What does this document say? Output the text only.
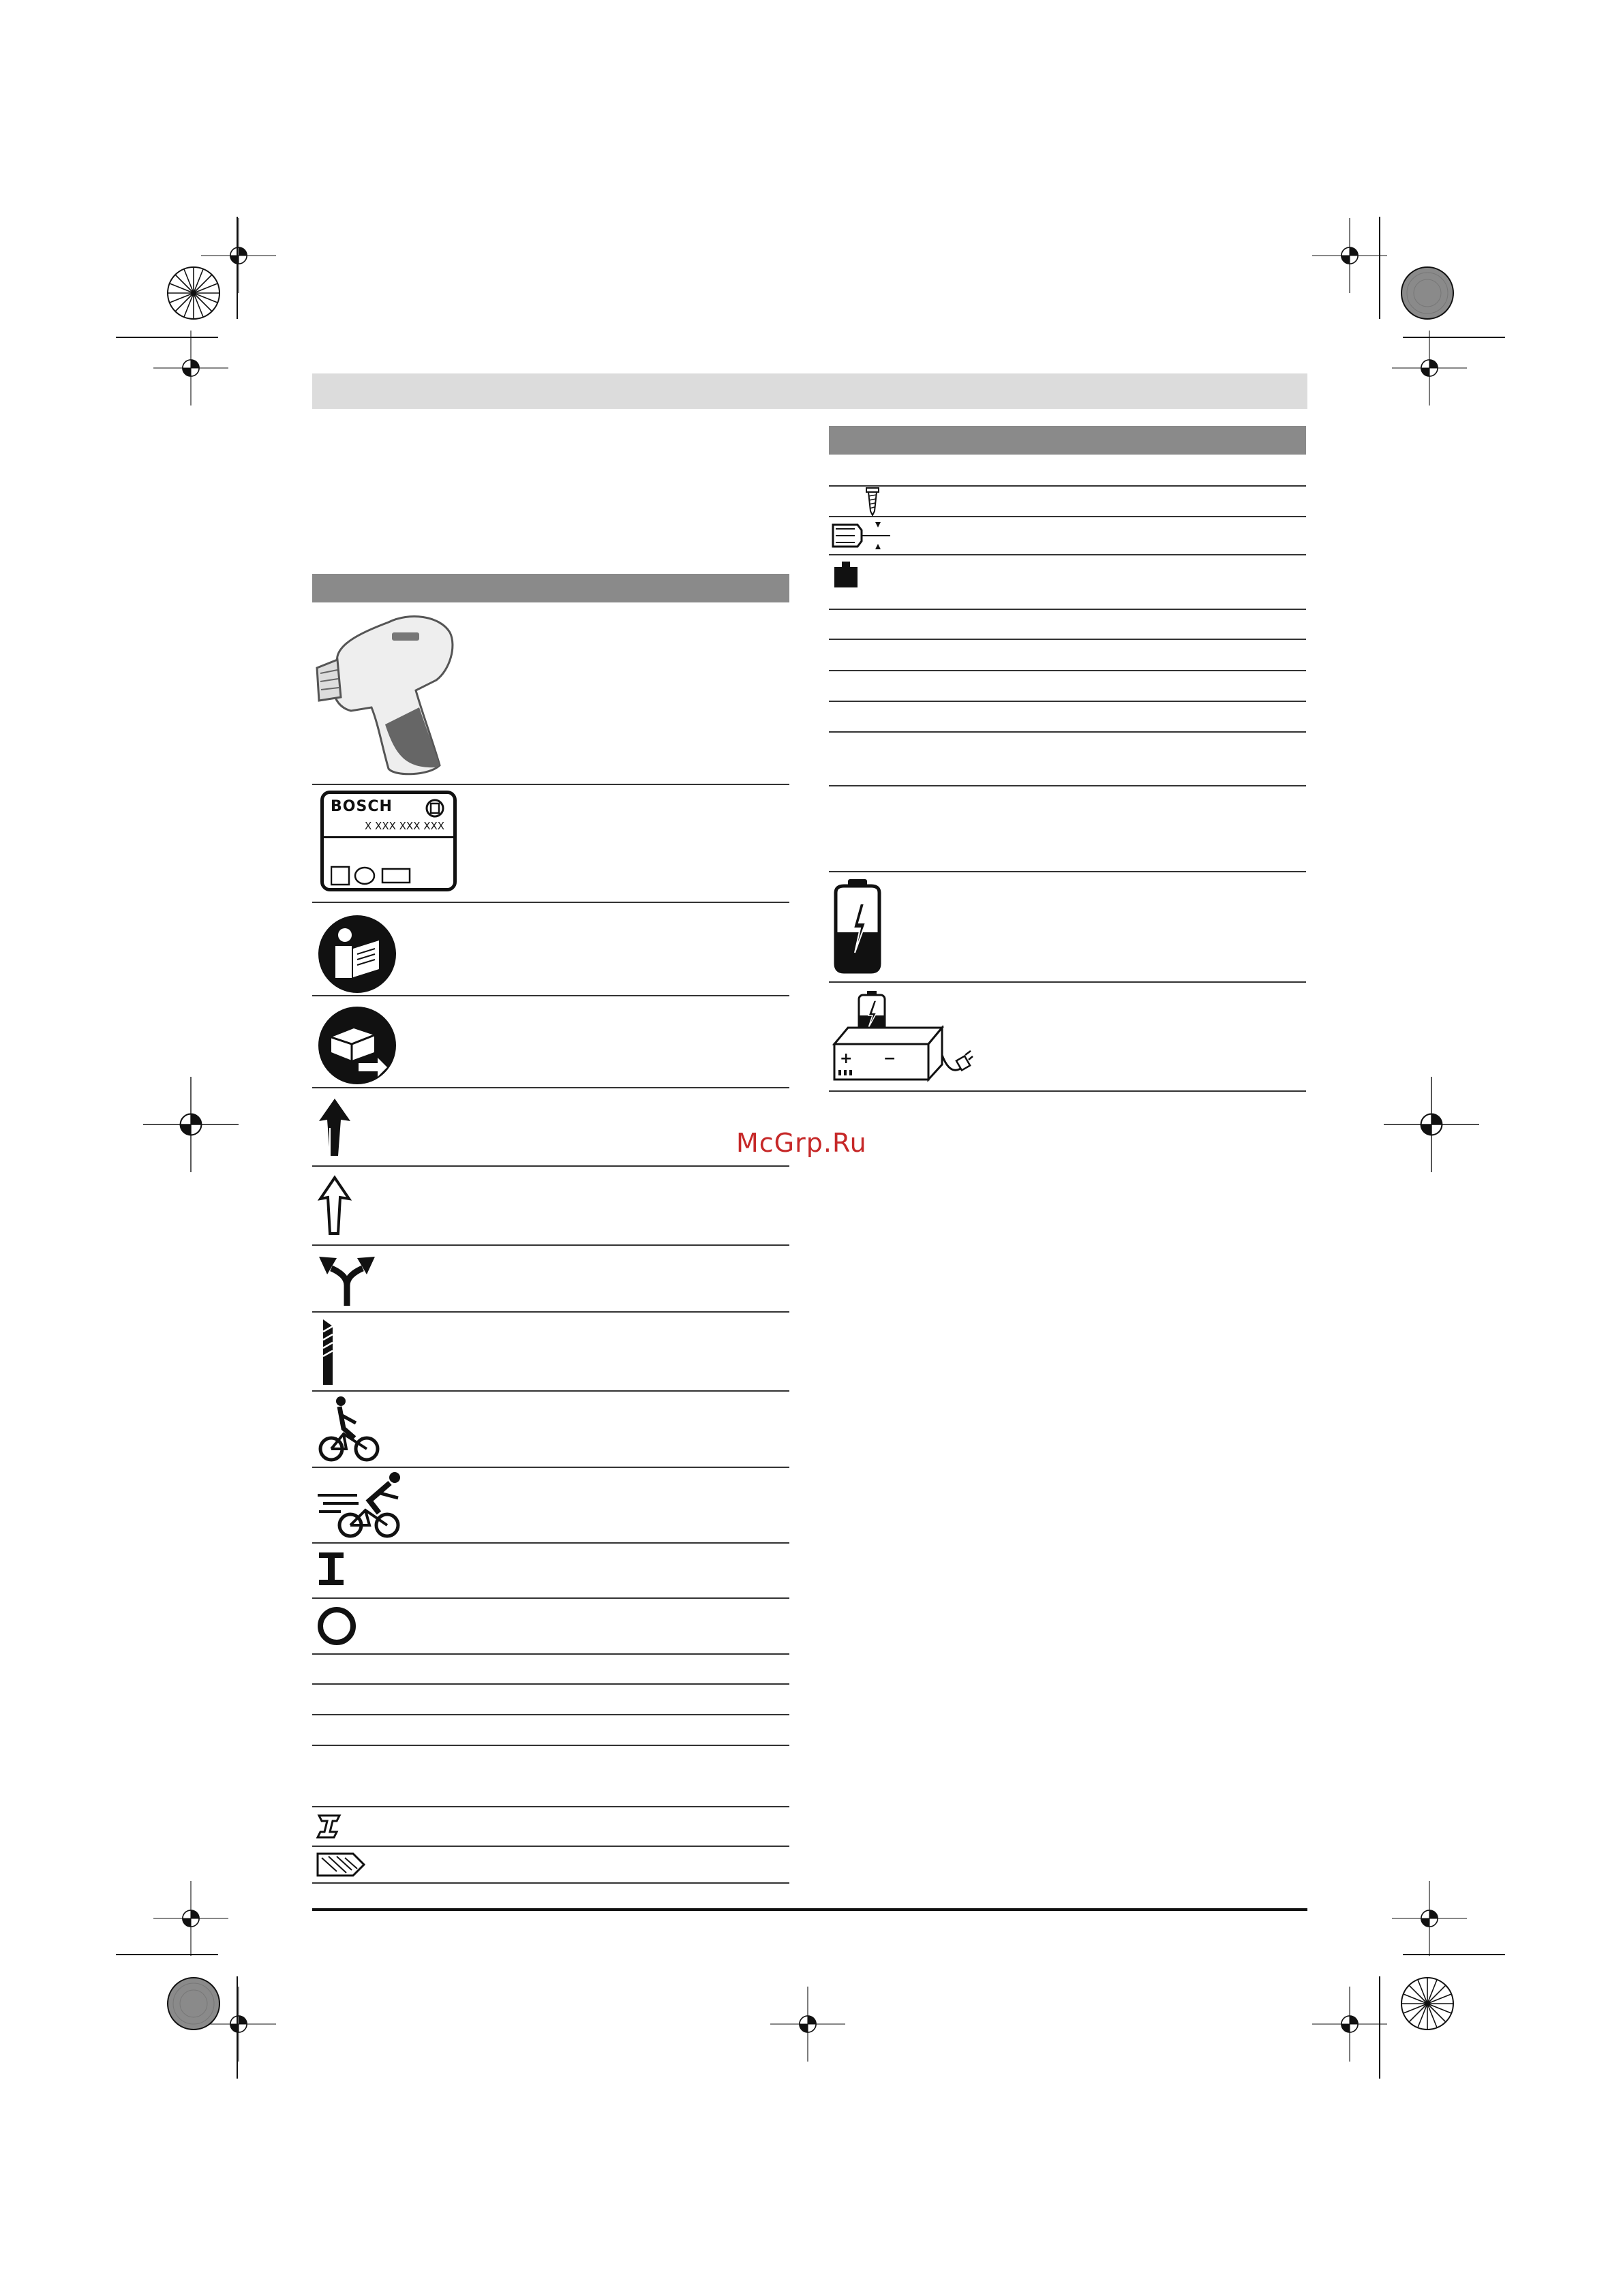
BOSCH
X XXX XXX XXX
+ −
McGrp.Ru
